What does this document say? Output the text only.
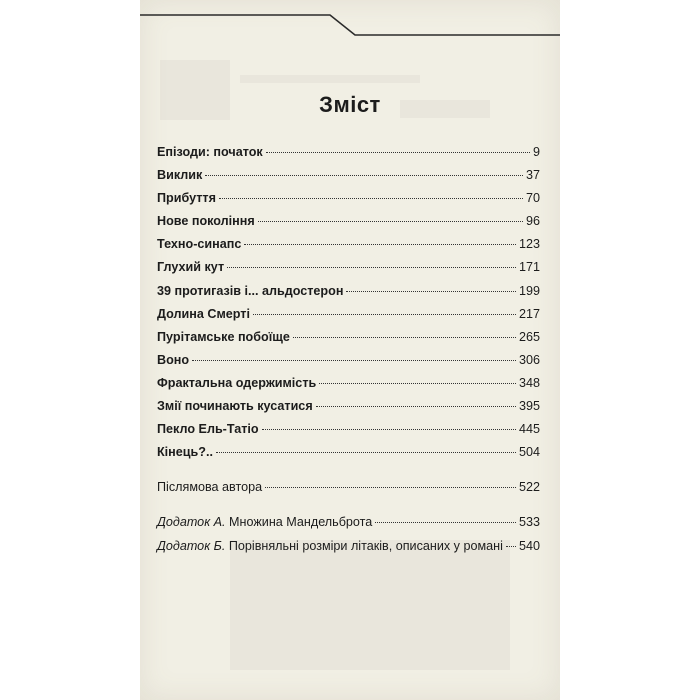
Зміст
Епізоди: початок	9
Виклик	37
Прибуття	70
Нове покоління	96
Техно-синапс	123
Глухий кут	171
39 протигазів і... альдостерон	199
Долина Смерті	217
Пурітамське побоїще	265
Воно	306
Фрактальна одержимість	348
Змії починають кусатися	395
Пекло Ель-Татіо	445
Кінець?..	504
Післямова автора	522
Додаток А. Множина Мандельброта	533
Додаток Б. Порівняльні розміри літаків, описаних у романі 540
